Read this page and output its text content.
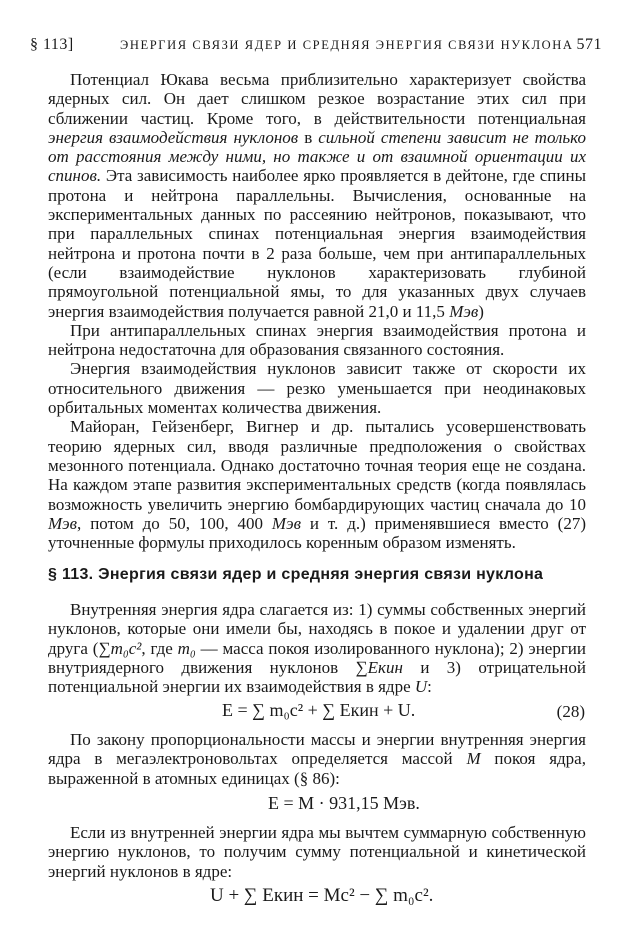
§ 113]	ЭНЕРГИЯ СВЯЗИ ЯДЕР И СРЕДНЯЯ ЭНЕРГИЯ СВЯЗИ НУКЛОНА 571

Потенциал Юкава весьма приблизительно характеризует свойства ядерных сил. Он дает слишком резкое возрастание этих сил при сближении частиц. Кроме того, в действительности потенциальная энергия взаимодействия нуклонов в сильной степени зависит не только от расстояния между ними, но также и от взаимной ориентации их спинов. Эта зависимость наиболее ярко проявляется в дейтоне, где спины протона и нейтрона параллельны. Вычисления, основанные на экспериментальных данных по рассеянию нейтронов, показывают, что при параллельных спинах потенциальная энергия взаимодействия нейтрона и протона почти в 2 раза больше, чем при антипараллельных (если взаимодействие нуклонов характеризовать глубиной прямоугольной потенциальной ямы, то для указанных двух случаев энергия взаимодействия получается равной 21,0 и 11,5 Мэв)

При антипараллельных спинах энергия взаимодействия протона и нейтрона недостаточна для образования связанного состояния.

Энергия взаимодействия нуклонов зависит также от скорости их относительного движения — резко уменьшается при неодинаковых орбитальных моментах количества движения.

Майоран, Гейзенберг, Вигнер и др. пытались усовершенствовать теорию ядерных сил, вводя различные предположения о свойствах мезонного потенциала. Однако достаточно точная теория еще не создана. На каждом этапе развития экспериментальных средств (когда появлялась возможность увеличить энергию бомбардирующих частиц сначала до 10 Мэв, потом до 50, 100, 400 Мэв и т. д.) применявшиеся вместо (27) уточненные формулы приходилось коренным образом изменять.

§ 113. Энергия связи ядер и средняя энергия связи нуклона

Внутренняя энергия ядра слагается из: 1) суммы собственных энергий нуклонов, которые они имели бы, находясь в покое и удалении друг от друга (∑m₀c², где m₀ — масса покоя изолированного нуклона); 2) энергии внутриядерного движения нуклонов ∑Eкин и 3) отрицательной потенциальной энергии их взаимодействия в ядре U:

E = ∑ m₀c² + ∑ Eкин + U.	(28)

По закону пропорциональности массы и энергии внутренняя энергия ядра в мегаэлектроновольтах определяется массой M покоя ядра, выраженной в атомных единицах (§ 86):

E = M · 931,15 Мэв.

Если из внутренней энергии ядра мы вычтем суммарную собственную энергию нуклонов, то получим сумму потенциальной и кинетической энергий нуклонов в ядре:

U + ∑ Eкин = Mc² − ∑ m₀c².
